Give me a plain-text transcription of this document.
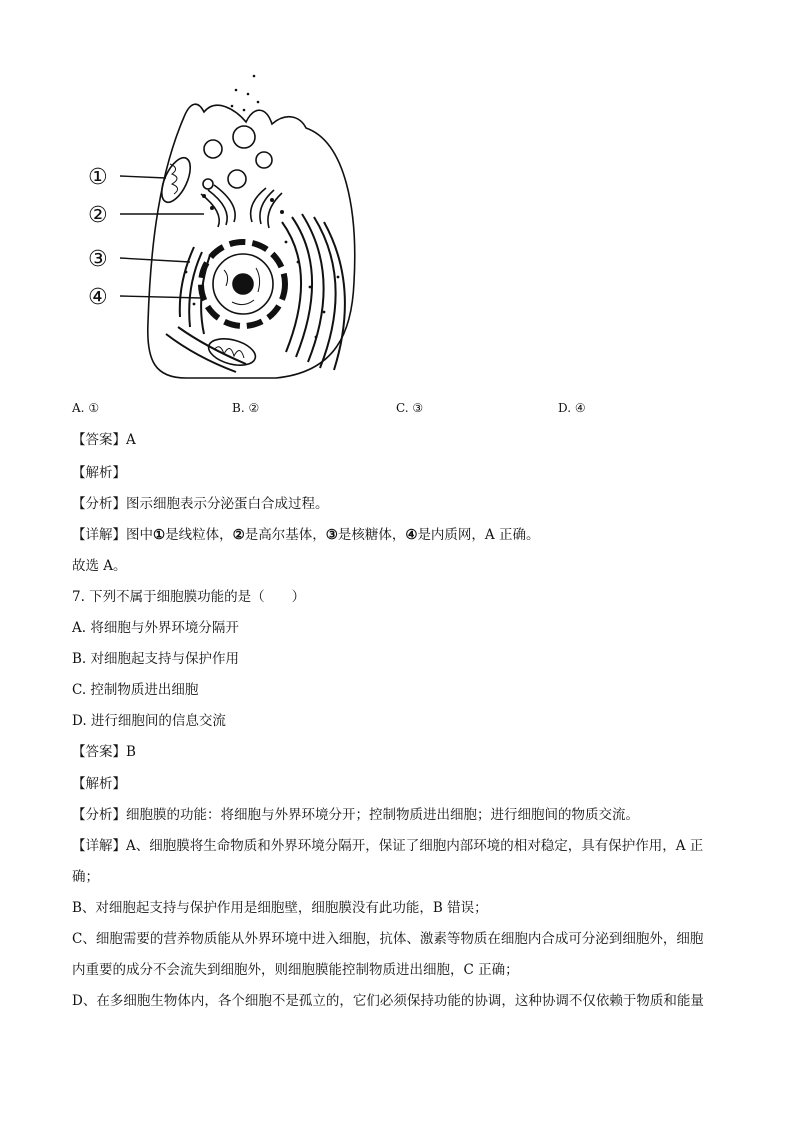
①
②
③
④
A. ①	B. ②	C. ③	D. ④
【答案】A
【解析】
【分析】图示细胞表示分泌蛋白合成过程。
【详解】图中①是线粒体，②是高尔基体，③是核糖体，④是内质网，A 正确。
故选 A。
7. 下列不属于细胞膜功能的是（　　）
A. 将细胞与外界环境分隔开
B. 对细胞起支持与保护作用
C. 控制物质进出细胞
D. 进行细胞间的信息交流
【答案】B
【解析】
【分析】细胞膜的功能：将细胞与外界环境分开；控制物质进出细胞；进行细胞间的物质交流。
【详解】A、细胞膜将生命物质和外界环境分隔开，保证了细胞内部环境的相对稳定，具有保护作用，A 正
确；
B、对细胞起支持与保护作用是细胞壁，细胞膜没有此功能，B 错误；
C、细胞需要的营养物质能从外界环境中进入细胞，抗体、激素等物质在细胞内合成可分泌到细胞外，细胞
内重要的成分不会流失到细胞外，则细胞膜能控制物质进出细胞，C 正确；
D、在多细胞生物体内，各个细胞不是孤立的，它们必须保持功能的协调，这种协调不仅依赖于物质和能量
